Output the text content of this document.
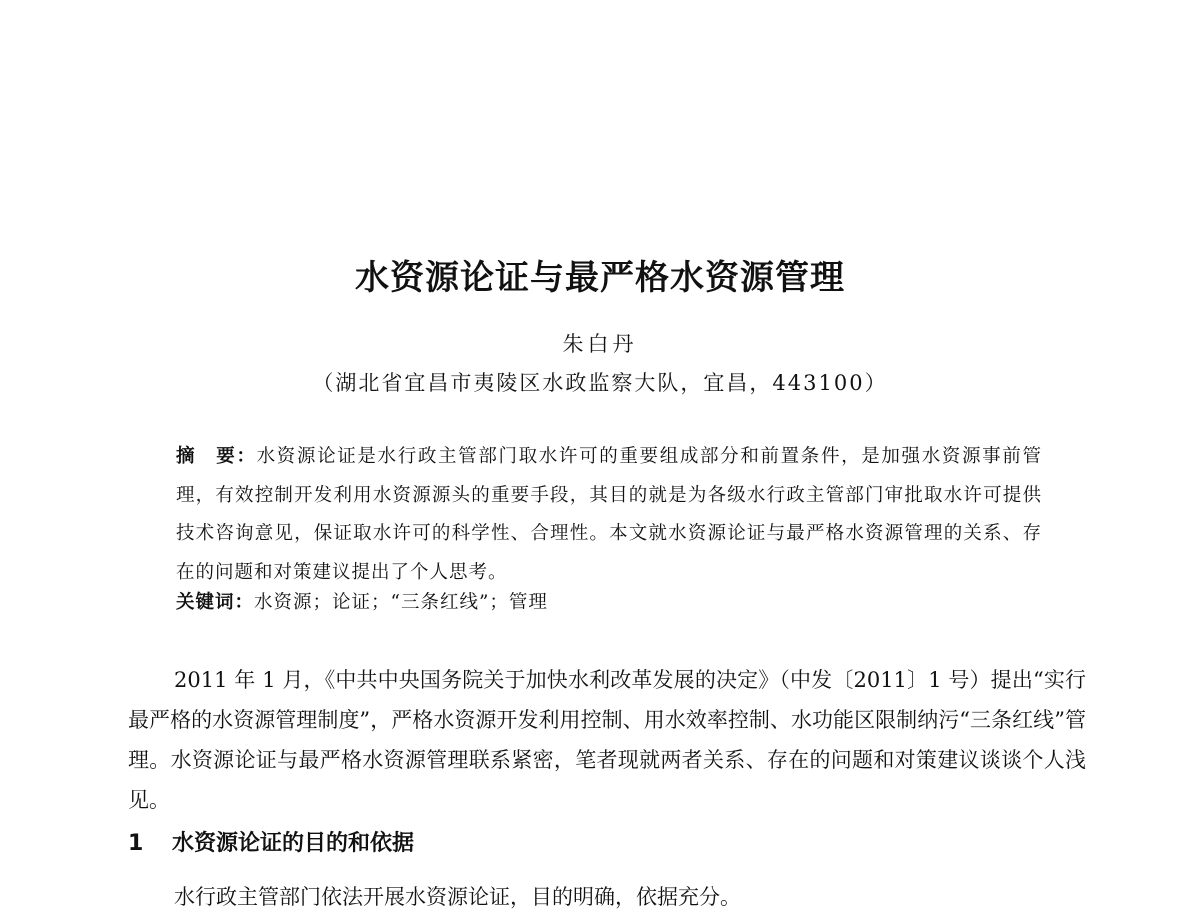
水资源论证与最严格水资源管理
朱白丹
（湖北省宜昌市夷陵区水政监察大队，宜昌，443100）
摘　要：水资源论证是水行政主管部门取水许可的重要组成部分和前置条件，是加强水资源事前管理，有效控制开发利用水资源源头的重要手段，其目的就是为各级水行政主管部门审批取水许可提供技术咨询意见，保证取水许可的科学性、合理性。本文就水资源论证与最严格水资源管理的关系、存在的问题和对策建议提出了个人思考。
关键词：水资源；论证；“三条红线”；管理
2011 年 1 月，《中共中央国务院关于加快水利改革发展的决定》（中发〔2011〕1 号）提出“实行最严格的水资源管理制度”，严格水资源开发利用控制、用水效率控制、水功能区限制纳污“三条红线”管理。水资源论证与最严格水资源管理联系紧密，笔者现就两者关系、存在的问题和对策建议谈谈个人浅见。
1 水资源论证的目的和依据
水行政主管部门依法开展水资源论证，目的明确，依据充分。
